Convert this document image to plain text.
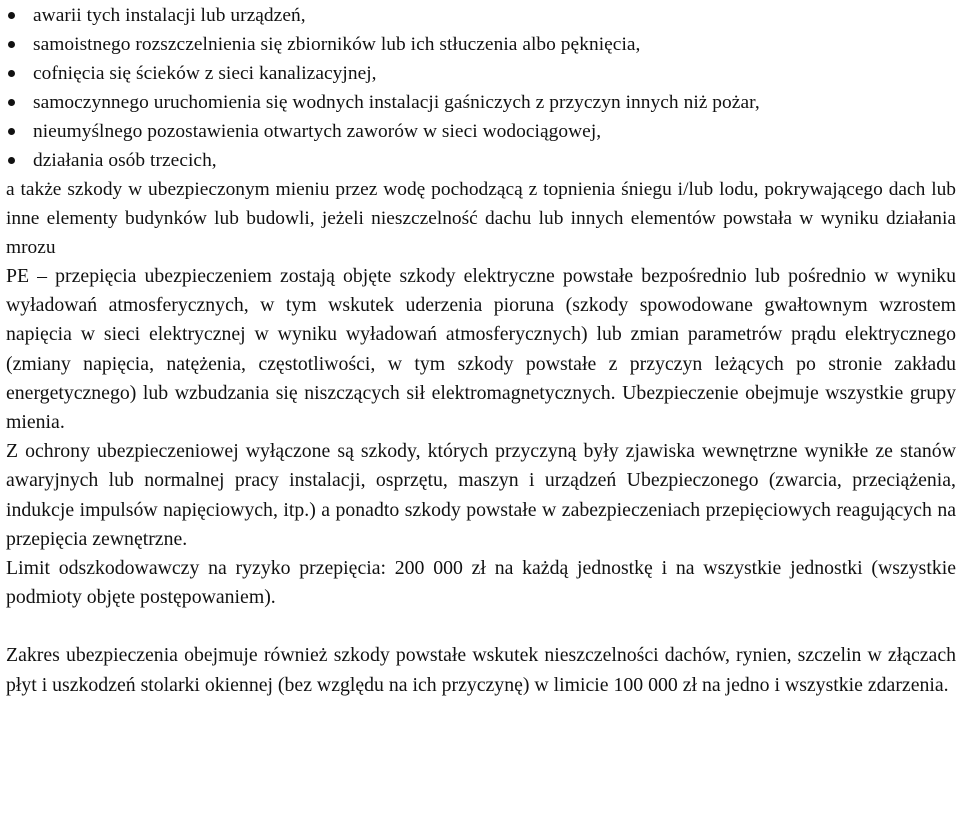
awarii tych instalacji lub urządzeń,
samoistnego rozszczelnienia się zbiorników lub ich stłuczenia albo pęknięcia,
cofnięcia się ścieków z sieci kanalizacyjnej,
samoczynnego uruchomienia się wodnych instalacji gaśniczych z przyczyn innych niż pożar,
nieumyślnego pozostawienia otwartych zaworów w sieci wodociągowej,
działania osób trzecich,

a także szkody w ubezpieczonym mieniu przez wodę pochodzącą z topnienia śniegu i/lub lodu, pokrywającego dach lub inne elementy budynków lub budowli, jeżeli nieszczelność dachu lub innych elementów powstała w wyniku działania mrozu

PE – przepięcia ubezpieczeniem zostają objęte szkody elektryczne powstałe bezpośrednio lub pośrednio w wyniku wyładowań atmosferycznych, w tym wskutek uderzenia pioruna (szkody spowodowane gwałtownym wzrostem napięcia w sieci elektrycznej w wyniku wyładowań atmosferycznych) lub zmian parametrów prądu elektrycznego (zmiany napięcia, natężenia, częstotliwości, w tym szkody powstałe z przyczyn leżących po stronie zakładu energetycznego) lub wzbudzania się niszczących sił elektromagnetycznych. Ubezpieczenie obejmuje wszystkie grupy mienia.

Z ochrony ubezpieczeniowej wyłączone są szkody, których przyczyną były zjawiska wewnętrzne wynikłe ze stanów awaryjnych lub normalnej pracy instalacji, osprzętu, maszyn i urządzeń Ubezpieczonego (zwarcia, przeciążenia, indukcje impulsów napięciowych, itp.) a ponadto szkody powstałe w zabezpieczeniach przepięciowych reagujących na przepięcia zewnętrzne.

Limit odszkodowawczy na ryzyko przepięcia: 200 000 zł na każdą jednostkę i na wszystkie jednostki (wszystkie podmioty objęte postępowaniem).

Zakres ubezpieczenia obejmuje również szkody powstałe wskutek nieszczelności dachów, rynien, szczelin w złączach płyt i uszkodzeń stolarki okiennej (bez względu na ich przyczynę) w limicie 100 000 zł na jedno i wszystkie zdarzenia.
